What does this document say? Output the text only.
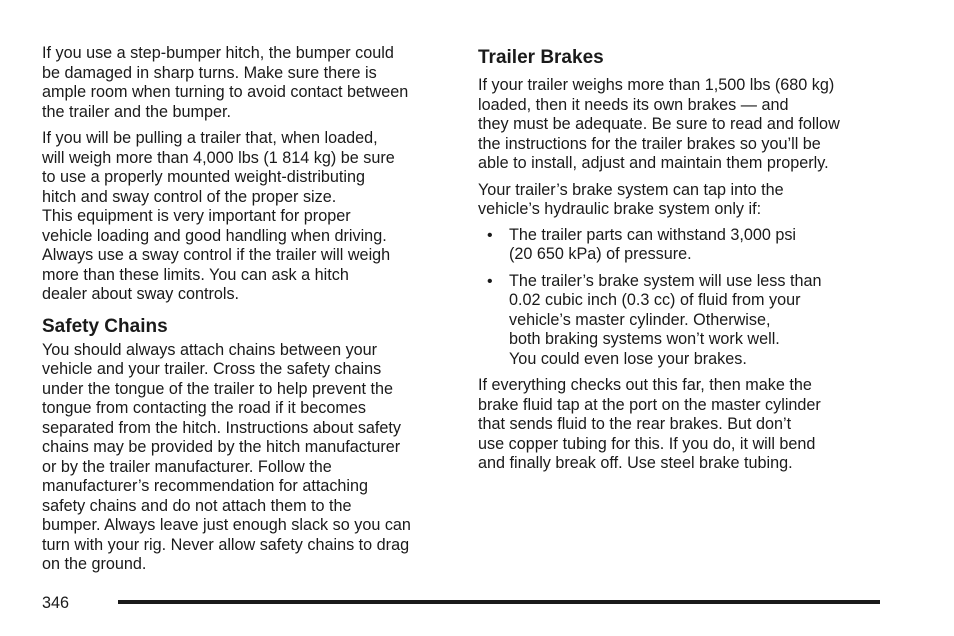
If you use a step-bumper hitch, the bumper could
be damaged in sharp turns. Make sure there is
ample room when turning to avoid contact between
the trailer and the bumper.

If you will be pulling a trailer that, when loaded,
will weigh more than 4,000 lbs (1 814 kg) be sure
to use a properly mounted weight-distributing
hitch and sway control of the proper size.
This equipment is very important for proper
vehicle loading and good handling when driving.
Always use a sway control if the trailer will weigh
more than these limits. You can ask a hitch
dealer about sway controls.

Safety Chains

You should always attach chains between your
vehicle and your trailer. Cross the safety chains
under the tongue of the trailer to help prevent the
tongue from contacting the road if it becomes
separated from the hitch. Instructions about safety
chains may be provided by the hitch manufacturer
or by the trailer manufacturer. Follow the
manufacturer’s recommendation for attaching
safety chains and do not attach them to the
bumper. Always leave just enough slack so you can
turn with your rig. Never allow safety chains to drag
on the ground.

Trailer Brakes

If your trailer weighs more than 1,500 lbs (680 kg)
loaded, then it needs its own brakes — and
they must be adequate. Be sure to read and follow
the instructions for the trailer brakes so you’ll be
able to install, adjust and maintain them properly.

Your trailer’s brake system can tap into the
vehicle’s hydraulic brake system only if:

• The trailer parts can withstand 3,000 psi
(20 650 kPa) of pressure.

• The trailer’s brake system will use less than
0.02 cubic inch (0.3 cc) of fluid from your
vehicle’s master cylinder. Otherwise,
both braking systems won’t work well.
You could even lose your brakes.

If everything checks out this far, then make the
brake fluid tap at the port on the master cylinder
that sends fluid to the rear brakes. But don’t
use copper tubing for this. If you do, it will bend
and finally break off. Use steel brake tubing.

346
